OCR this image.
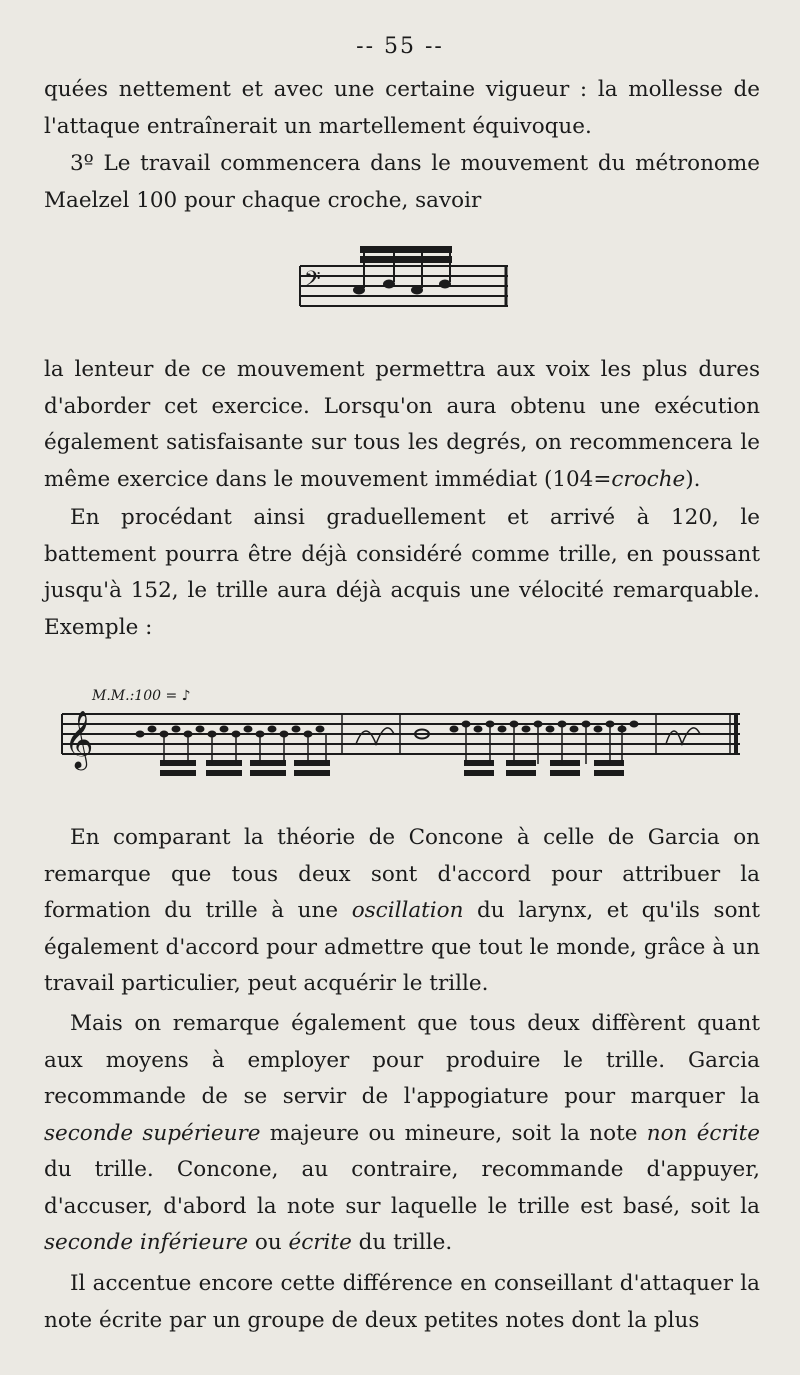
-- 55 --

quées nettement et avec une certaine vigueur : la mollesse de l'attaque entraînerait un martellement équivoque.

3º Le travail commencera dans le mouvement du métronome Maelzel 100 pour chaque croche, savoir

𝄢

la lenteur de ce mouvement permettra aux voix les plus dures d'aborder cet exercice. Lorsqu'on aura obtenu une exécution également satisfaisante sur tous les degrés, on recommencera le même exercice dans le mouvement immédiat (104=croche).

En procédant ainsi graduellement et arrivé à 120, le battement pourra être déjà considéré comme trille, en poussant jusqu'à 152, le trille aura déjà acquis une vélocité remarquable. Exemple :

M.M.:100 = ♪
𝄞

En comparant la théorie de Concone à celle de Garcia on remarque que tous deux sont d'accord pour attribuer la formation du trille à une oscillation du larynx, et qu'ils sont également d'accord pour admettre que tout le monde, grâce à un travail particulier, peut acquérir le trille.

Mais on remarque également que tous deux diffèrent quant aux moyens à employer pour produire le trille. Garcia recommande de se servir de l'appogiature pour marquer la seconde supérieure majeure ou mineure, soit la note non écrite du trille. Concone, au contraire, recommande d'appuyer, d'accuser, d'abord la note sur laquelle le trille est basé, soit la seconde inférieure ou écrite du trille.

Il accentue encore cette différence en conseillant d'attaquer la note écrite par un groupe de deux petites notes dont la plus
